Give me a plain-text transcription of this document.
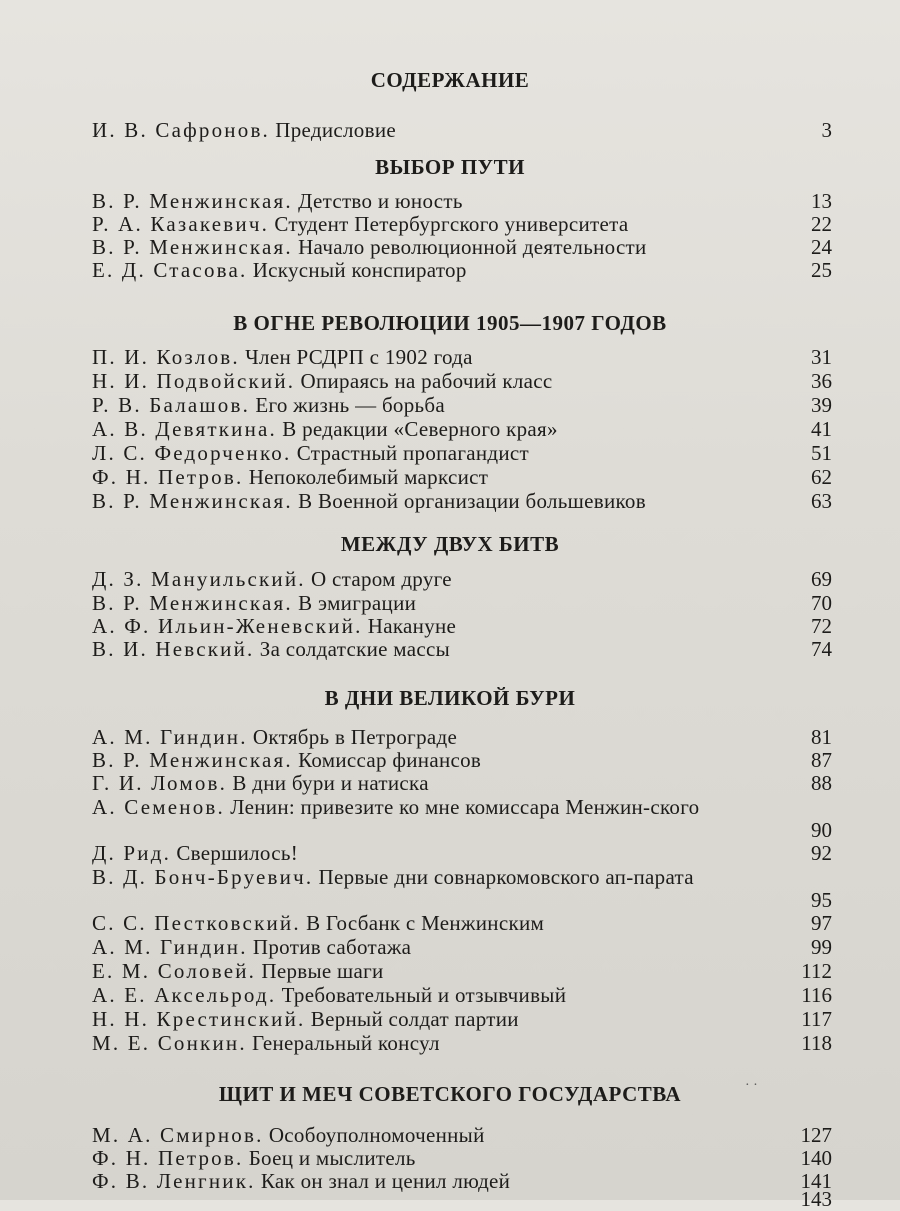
СОДЕРЖАНИЕ
И. В. Сафронов. Предисловие	3
ВЫБОР ПУТИ
В. Р. Менжинская. Детство и юность	13
Р. А. Казакевич. Студент Петербургского университета	22
В. Р. Менжинская. Начало революционной деятельности	24
Е. Д. Стасова. Искусный конспиратор	25
В ОГНЕ РЕВОЛЮЦИИ 1905—1907 ГОДОВ
П. И. Козлов. Член РСДРП с 1902 года	31
Н. И. Подвойский. Опираясь на рабочий класс	36
Р. В. Балашов. Его жизнь — борьба	39
А. В. Девяткина. В редакции «Северного края»	41
Л. С. Федорченко. Страстный пропагандист	51
Ф. Н. Петров. Непоколебимый марксист	62
В. Р. Менжинская. В Военной организации большевиков	63
МЕЖДУ ДВУХ БИТВ
Д. З. Мануильский. О старом друге	69
В. Р. Менжинская. В эмиграции	70
А. Ф. Ильин-Женевский. Накануне	72
В. И. Невский. За солдатские массы	74
В ДНИ ВЕЛИКОЙ БУРИ
А. М. Гиндин. Октябрь в Петрограде	81
В. Р. Менжинская. Комиссар финансов	87
Г. И. Ломов. В дни бури и натиска	88
А. Семенов. Ленин: привезите ко мне комиссара Менжин-ского
90
Д. Рид. Свершилось!	92
В. Д. Бонч-Бруевич. Первые дни совнаркомовского ап-парата
95
С. С. Пестковский. В Госбанк с Менжинским	97
А. М. Гиндин. Против саботажа	99
Е. М. Соловей. Первые шаги	112
А. Е. Аксельрод. Требовательный и отзывчивый	116
Н. Н. Крестинский. Верный солдат партии	117
М. Е. Сонкин. Генеральный консул	118
· ·
ЩИТ И МЕЧ СОВЕТСКОГО ГОСУДАРСТВА
М. А. Смирнов. Особоуполномоченный	127
Ф. Н. Петров. Боец и мыслитель	140
Ф. В. Ленгник. Как он знал и ценил людей	141
143
